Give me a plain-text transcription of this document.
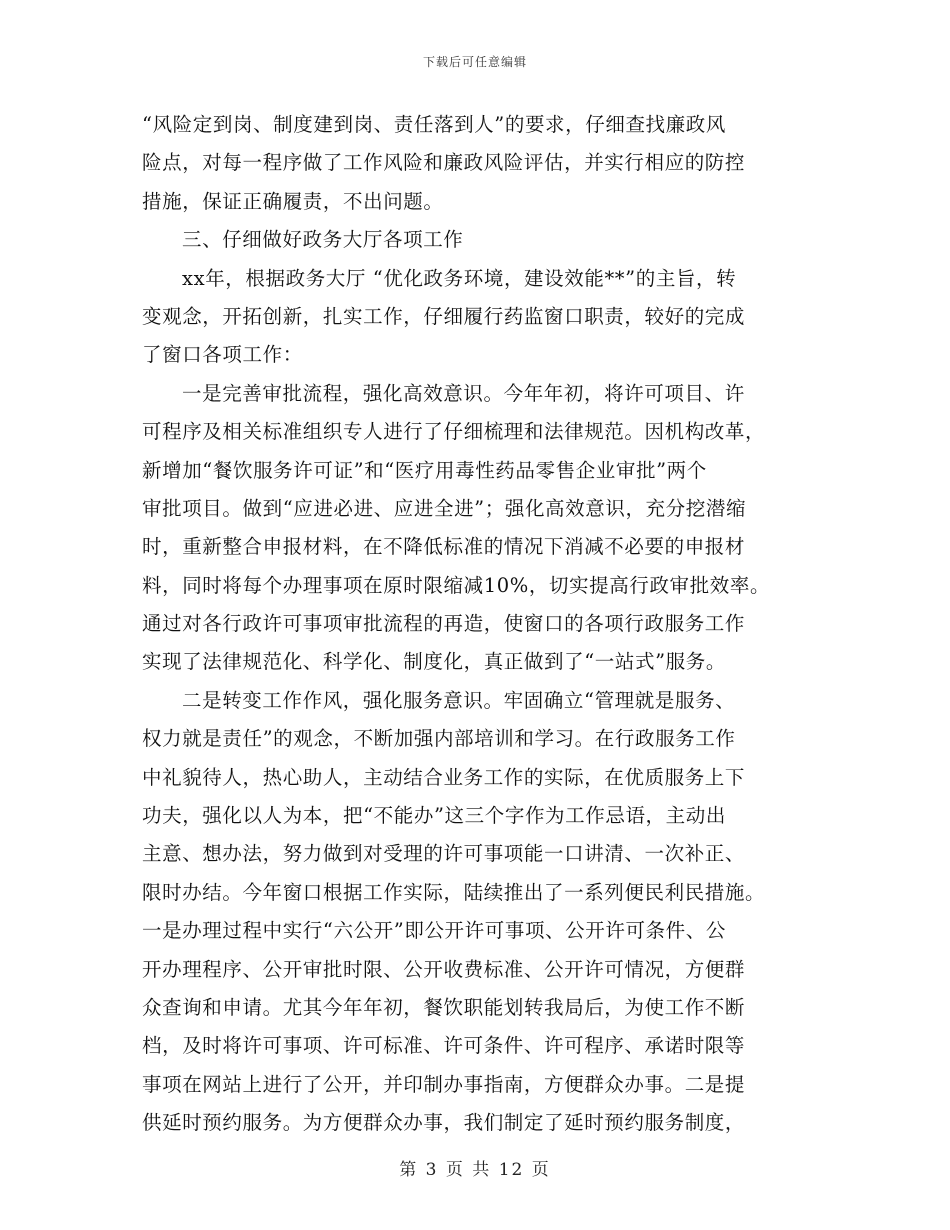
下载后可任意编辑
“风险定到岗、制度建到岗、责任落到人”的要求，仔细查找廉政风
险点，对每一程序做了工作风险和廉政风险评估，并实行相应的防控
措施，保证正确履责，不出问题。
三、仔细做好政务大厅各项工作
xx年，根据政务大厅 “优化政务环境，建设效能**”的主旨，转
变观念，开拓创新，扎实工作，仔细履行药监窗口职责，较好的完成
了窗口各项工作：
一是完善审批流程，强化高效意识。今年年初，将许可项目、许
可程序及相关标准组织专人进行了仔细梳理和法律规范。因机构改革，
新增加“餐饮服务许可证”和“医疗用毒性药品零售企业审批”两个
审批项目。做到“应进必进、应进全进”；强化高效意识，充分挖潜缩
时，重新整合申报材料，在不降低标准的情况下消减不必要的申报材
料，同时将每个办理事项在原时限缩减10%，切实提高行政审批效率。
通过对各行政许可事项审批流程的再造，使窗口的各项行政服务工作
实现了法律规范化、科学化、制度化，真正做到了“一站式”服务。
二是转变工作作风，强化服务意识。牢固确立“管理就是服务、
权力就是责任”的观念，不断加强内部培训和学习。在行政服务工作
中礼貌待人，热心助人，主动结合业务工作的实际，在优质服务上下
功夫，强化以人为本，把“不能办”这三个字作为工作忌语，主动出
主意、想办法，努力做到对受理的许可事项能一口讲清、一次补正、
限时办结。今年窗口根据工作实际，陆续推出了一系列便民利民措施。
一是办理过程中实行“六公开”即公开许可事项、公开许可条件、公
开办理程序、公开审批时限、公开收费标准、公开许可情况，方便群
众查询和申请。尤其今年年初，餐饮职能划转我局后，为使工作不断
档，及时将许可事项、许可标准、许可条件、许可程序、承诺时限等
事项在网站上进行了公开，并印制办事指南，方便群众办事。二是提
供延时预约服务。为方便群众办事，我们制定了延时预约服务制度，
第 3 页 共 12 页
